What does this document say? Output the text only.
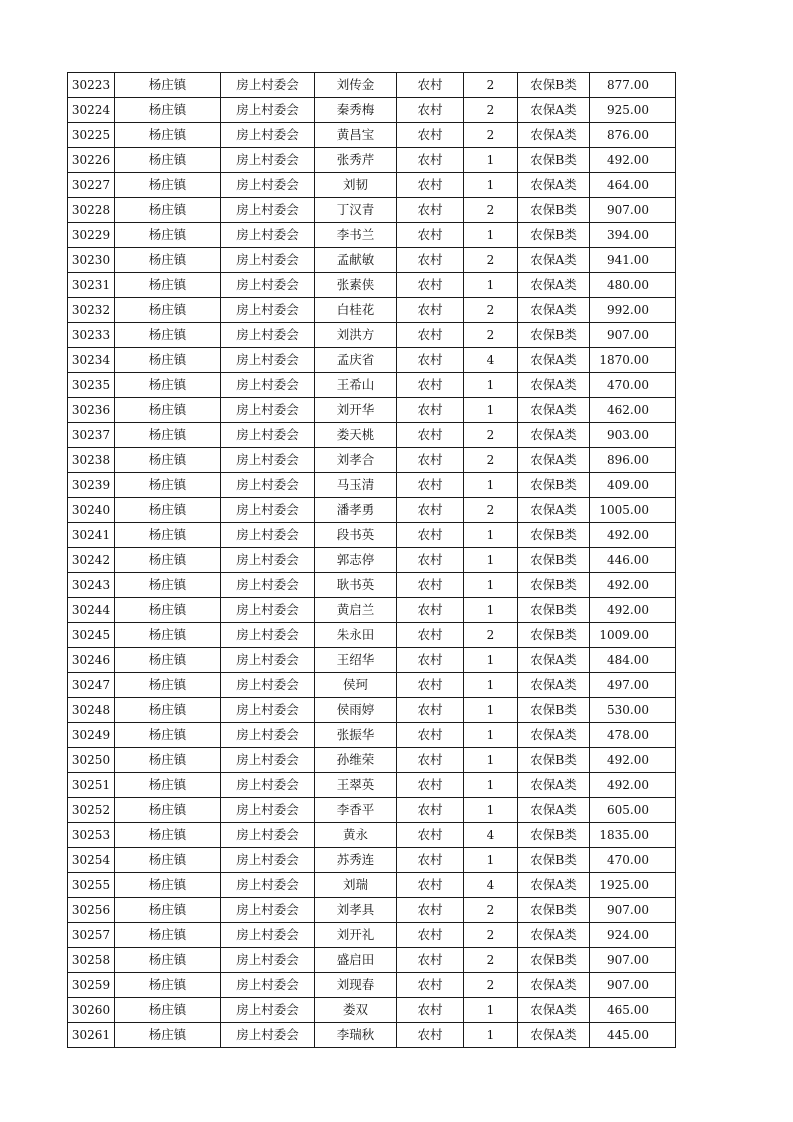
30223	杨庄镇	房上村委会	刘传金	农村	2	农保B类	877.00
30224	杨庄镇	房上村委会	秦秀梅	农村	2	农保A类	925.00
30225	杨庄镇	房上村委会	黄昌宝	农村	2	农保A类	876.00
30226	杨庄镇	房上村委会	张秀芹	农村	1	农保B类	492.00
30227	杨庄镇	房上村委会	刘韧	农村	1	农保A类	464.00
30228	杨庄镇	房上村委会	丁汉青	农村	2	农保B类	907.00
30229	杨庄镇	房上村委会	李书兰	农村	1	农保B类	394.00
30230	杨庄镇	房上村委会	孟献敏	农村	2	农保A类	941.00
30231	杨庄镇	房上村委会	张素侠	农村	1	农保A类	480.00
30232	杨庄镇	房上村委会	白桂花	农村	2	农保A类	992.00
30233	杨庄镇	房上村委会	刘洪方	农村	2	农保B类	907.00
30234	杨庄镇	房上村委会	孟庆省	农村	4	农保A类	1870.00
30235	杨庄镇	房上村委会	王希山	农村	1	农保A类	470.00
30236	杨庄镇	房上村委会	刘开华	农村	1	农保A类	462.00
30237	杨庄镇	房上村委会	娄天桃	农村	2	农保A类	903.00
30238	杨庄镇	房上村委会	刘孝合	农村	2	农保A类	896.00
30239	杨庄镇	房上村委会	马玉清	农村	1	农保B类	409.00
30240	杨庄镇	房上村委会	潘孝勇	农村	2	农保A类	1005.00
30241	杨庄镇	房上村委会	段书英	农村	1	农保B类	492.00
30242	杨庄镇	房上村委会	郭志停	农村	1	农保B类	446.00
30243	杨庄镇	房上村委会	耿书英	农村	1	农保B类	492.00
30244	杨庄镇	房上村委会	黄启兰	农村	1	农保B类	492.00
30245	杨庄镇	房上村委会	朱永田	农村	2	农保B类	1009.00
30246	杨庄镇	房上村委会	王绍华	农村	1	农保A类	484.00
30247	杨庄镇	房上村委会	侯珂	农村	1	农保A类	497.00
30248	杨庄镇	房上村委会	侯雨婷	农村	1	农保B类	530.00
30249	杨庄镇	房上村委会	张振华	农村	1	农保A类	478.00
30250	杨庄镇	房上村委会	孙维荣	农村	1	农保B类	492.00
30251	杨庄镇	房上村委会	王翠英	农村	1	农保A类	492.00
30252	杨庄镇	房上村委会	李香平	农村	1	农保A类	605.00
30253	杨庄镇	房上村委会	黄永	农村	4	农保B类	1835.00
30254	杨庄镇	房上村委会	苏秀连	农村	1	农保B类	470.00
30255	杨庄镇	房上村委会	刘瑞	农村	4	农保A类	1925.00
30256	杨庄镇	房上村委会	刘孝具	农村	2	农保B类	907.00
30257	杨庄镇	房上村委会	刘开礼	农村	2	农保A类	924.00
30258	杨庄镇	房上村委会	盛启田	农村	2	农保B类	907.00
30259	杨庄镇	房上村委会	刘现春	农村	2	农保A类	907.00
30260	杨庄镇	房上村委会	娄双	农村	1	农保A类	465.00
30261	杨庄镇	房上村委会	李瑞秋	农村	1	农保A类	445.00
